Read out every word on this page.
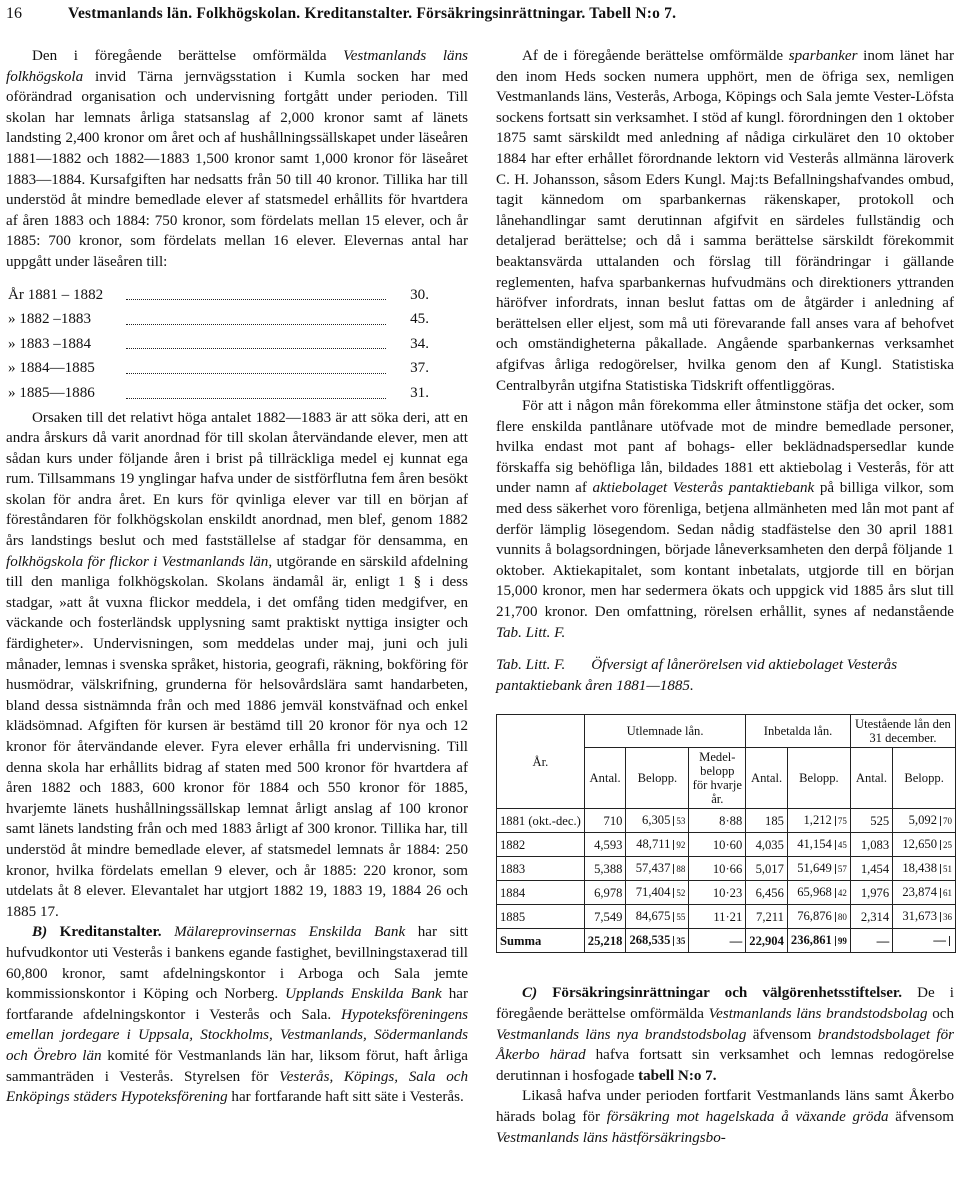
16	Vestmanlands län. Folkhögskolan. Kreditanstalter. Försäkringsinrättningar. Tabell N:o 7.

Den i föregående berättelse omförmälda Vestmanlands läns folkhögskola invid Tärna jernvägsstation i Kumla socken har med oförändrad organisation och undervisning fortgått under perioden. Till skolan har lemnats årliga statsanslag af 2,000 kronor samt af länets landsting 2,400 kronor om året och af hushållningssällskapet under läseåren 1881—1882 och 1882—1883 1,500 kronor samt 1,000 kronor för läseåret 1883—1884. Kursafgiften har nedsatts från 50 till 40 kronor. Tillika har till understöd åt mindre bemedlade elever af statsmedel erhållits för hvartdera af åren 1883 och 1884: 750 kronor, som fördelats mellan 15 elever, och år 1885: 700 kronor, som fördelats mellan 16 elever. Elevernas antal har uppgått under läseåren till:

År 1881 – 1882	30.
» 1882 –1883	45.
» 1883 –1884	34.
» 1884—1885	37.
» 1885—1886	31.

Orsaken till det relativt höga antalet 1882—1883 är att söka deri, att en andra årskurs då varit anordnad för till skolan återvändande elever, men att sådan kurs under följande åren i brist på tillräckliga medel ej kunnat ega rum. Tillsammans 19 ynglingar hafva under de sistförflutna fem åren besökt skolan för andra året. En kurs för qvinliga elever var till en början af föreståndaren för folkhögskolan enskildt anordnad, men blef, genom 1882 års landstings beslut och med fastställelse af stadgar för densamma, en folkhögskola för flickor i Vestmanlands län, utgörande en särskild afdelning till den manliga folkhögskolan. Skolans ändamål är, enligt 1 § i dess stadgar, »att åt vuxna flickor meddela, i det omfång tiden medgifver, en väckande och fosterländsk upplysning samt praktiskt nyttiga insigter och färdigheter». Undervisningen, som meddelas under maj, juni och juli månader, lemnas i svenska språket, historia, geografi, räkning, bokföring för husmödrar, välskrifning, grunderna för helsovårdslära samt handarbeten, bland dessa sistnämnda från och med 1886 jemväl konstväfnad och enkel klädsömnad. Afgiften för kursen är bestämd till 20 kronor för nya och 12 kronor för återvändande elever. Fyra elever erhålla fri undervisning. Till denna skola har erhållits bidrag af staten med 500 kronor för hvartdera af åren 1882 och 1883, 600 kronor för 1884 och 550 kronor för 1885, hvarjemte länets hushållningssällskap lemnat årligt anslag af 100 kronor samt länets landsting från och med 1883 årligt af 300 kronor. Tillika har, till understöd åt mindre bemedlade elever, af statsmedel lemnats år 1884: 250 kronor, hvilka fördelats emellan 9 elever, och år 1885: 220 kronor, som utdelats åt 8 elever. Elevantalet har utgjort 1882 19, 1883 19, 1884 26 och 1885 17.

B) Kreditanstalter. Mälareprovinsernas Enskilda Bank har sitt hufvudkontor uti Vesterås i bankens egande fastighet, bevillningstaxerad till 60,800 kronor, samt afdelningskontor i Arboga och Sala jemte kommissionskontor i Köping och Norberg. Upplands Enskilda Bank har fortfarande afdelningskontor i Vesterås och Sala. Hypoteksföreningens emellan jordegare i Uppsala, Stockholms, Vestmanlands, Södermanlands och Örebro län komité för Vestmanlands län har, liksom förut, haft årliga sammanträden i Vesterås. Styrelsen för Vesterås, Köpings, Sala och Enköpings städers Hypoteksförening har fortfarande haft sitt säte i Vesterås.

Af de i föregående berättelse omförmälde sparbanker inom länet har den inom Heds socken numera upphört, men de öfriga sex, nemligen Vestmanlands läns, Vesterås, Arboga, Köpings och Sala jemte Vester-Löfsta sockens fortsatt sin verksamhet. I stöd af kungl. förordningen den 1 oktober 1875 samt särskildt med anledning af nådiga cirkuläret den 10 oktober 1884 har efter erhållet förordnande lektorn vid Vesterås allmänna läroverk C. H. Johansson, såsom Eders Kungl. Maj:ts Befallningshafvandes ombud, tagit kännedom om sparbankernas räkenskaper, protokoll och lånehandlingar samt derutinnan afgifvit en särdeles fullständig och detaljerad berättelse; och då i samma berättelse särskildt förekommit beaktansvärda uttalanden och förslag till förändringar i gällande reglementen, hafva sparbankernas hufvudmäns och direktioners yttranden häröfver infordrats, innan beslut fattas om de åtgärder i anledning af berättelsen eller eljest, som må uti förevarande fall anses vara af behofvet och omständigheterna påkallade. Angående sparbankernas verksamhet afgifvas årliga redogörelser, hvilka genom den af Kungl. Statistiska Centralbyrån utgifna Statistiska Tidskrift offentliggöras.

För att i någon mån förekomma eller åtminstone stäfja det ocker, som flere enskilda pantlånare utöfvade mot de mindre bemedlade personer, hvilka endast mot pant af bohags- eller beklädnadspersedlar kunde förskaffa sig behöfliga lån, bildades 1881 ett aktiebolag i Vesterås, för att under namn af aktiebolaget Vesterås pantaktiebank på billiga vilkor, som med dess säkerhet voro förenliga, betjena allmänheten med lån mot pant af derför lämplig lösegendom. Sedan nådig stadfästelse den 30 april 1881 vunnits å bolagsordningen, började låneverksamheten den derpå följande 1 oktober. Aktiekapitalet, som kontant inbetalats, utgjorde till en början 15,000 kronor, men har sedermera ökats och uppgick vid 1885 års slut till 21,700 kronor. Den omfattning, rörelsen erhållit, synes af nedanstående Tab. Litt. F.

Tab. Litt. F. Öfversigt af lånerörelsen vid aktiebolaget Vesterås pantaktiebank åren 1881—1885.

År.	Utlemnade lån.			Inbetalda lån.		Utestående lån den 31 december.	
	Antal.	Belopp.	Medel-belopp för hvarje år.	Antal.	Belopp.	Antal.	Belopp.
1881 (okt.-dec.)	710	6,305 53	8·88	185	1,212 75	525	5,092 70
1882	4,593	48,711 92	10·60	4,035	41,154 45	1,083	12,650 25
1883	5,388	57,437 88	10·66	5,017	51,649 57	1,454	18,438 51
1884	6,978	71,404 52	10·23	6,456	65,968 42	1,976	23,874 61
1885	7,549	84,675 55	11·21	7,211	76,876 80	2,314	31,673 36
Summa	25,218	268,535 35	—	22,904	236,861 99	—	—

C) Försäkringsinrättningar och välgörenhetsstiftelser. De i föregående berättelse omförmälda Vestmanlands läns brandstodsbolag och Vestmanlands läns nya brandstodsbolag äfvensom brandstodsbolaget för Åkerbo härad hafva fortsatt sin verksamhet och lemnas redogörelse derutinnan i hosfogade tabell N:o 7.

Likaså hafva under perioden fortfarit Vestmanlands läns samt Åkerbo härads bolag för försäkring mot hagelskada å växande gröda äfvensom Vestmanlands läns hästförsäkringsbo-
